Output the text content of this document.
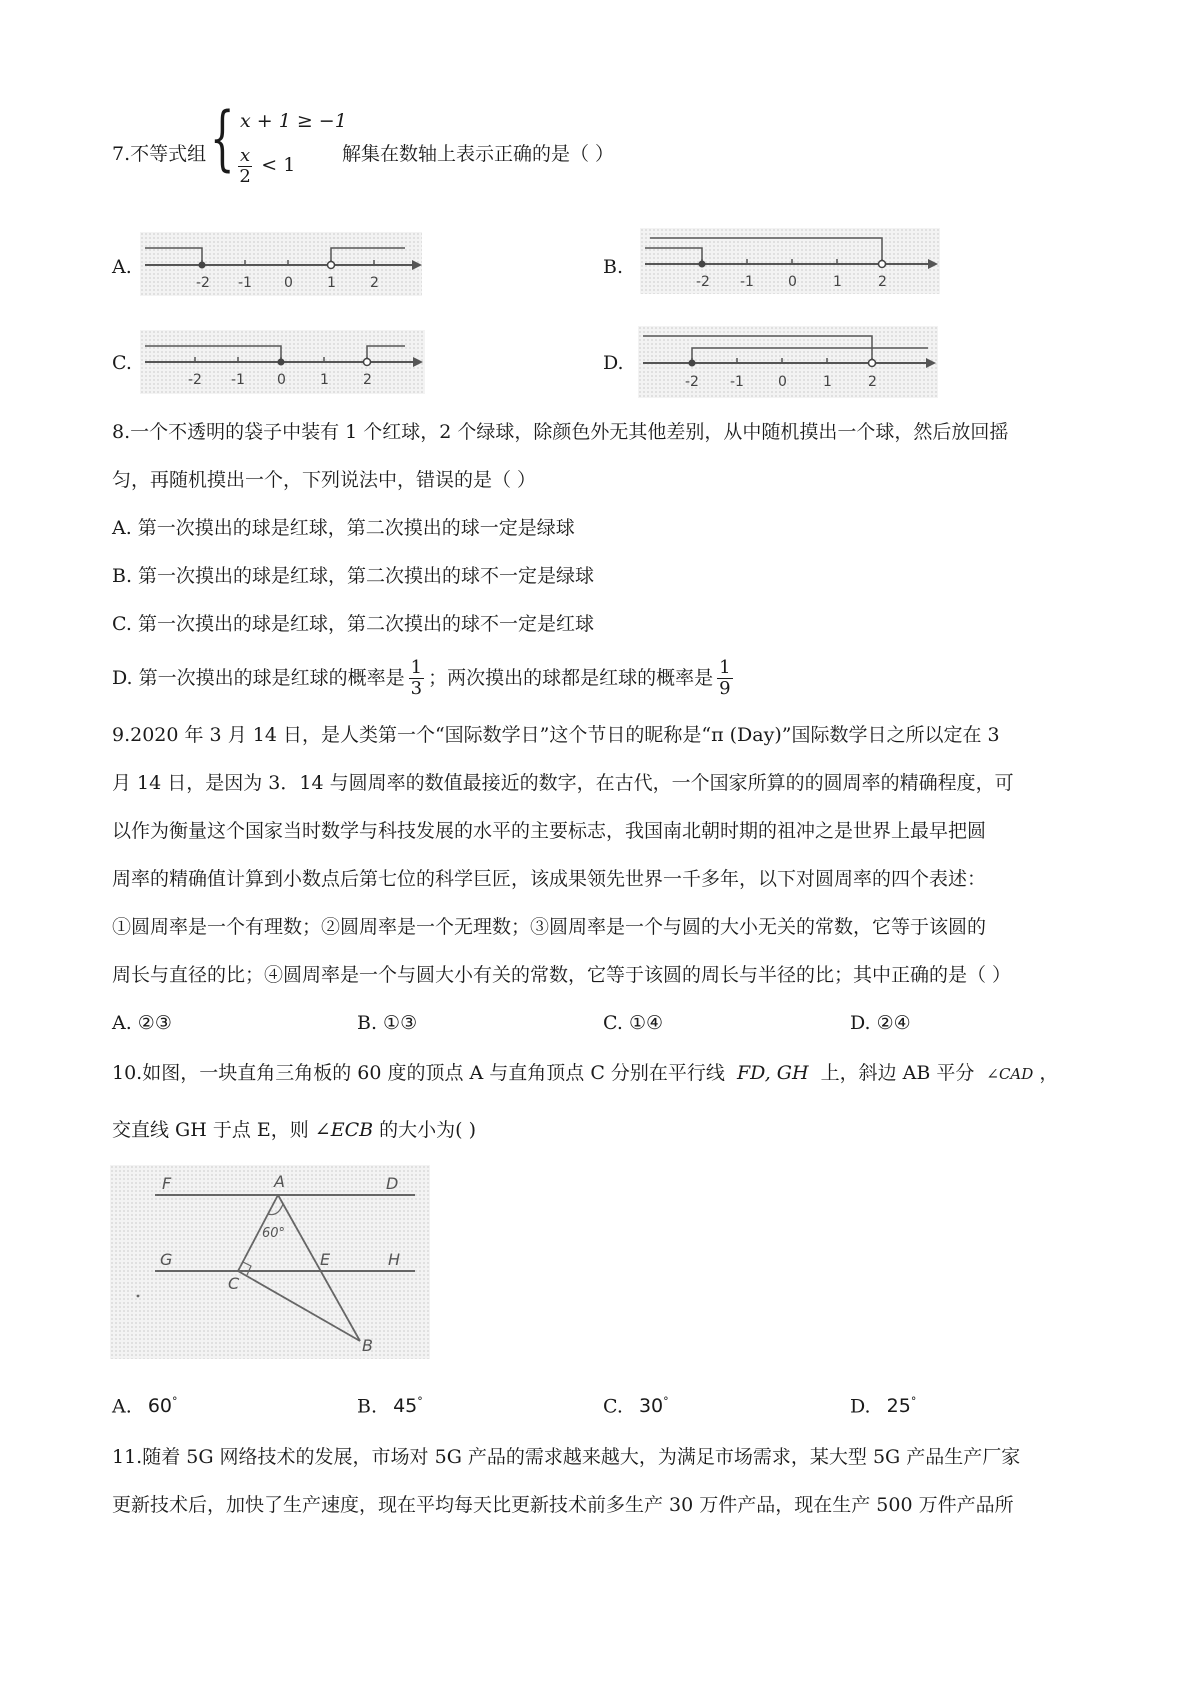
7.不等式组 { x + 1 ≥ −1
$\frac{x}{2} < 1$ 解集在数轴上表示正确的是（ ）
A.
-2 -1 0 1 2
B.
-2 -1 0	1	2
C.
-2 -1 0 1 2
D.
-2 -1 0	1	2
8.一个不透明的袋子中装有 1 个红球，2 个绿球，除颜色外无其他差别，从中随机摸出一个球，然后放回摇
匀，再随机摸出一个，下列说法中，错误的是（ ）
A. 第一次摸出的球是红球，第二次摸出的球一定是绿球
B. 第一次摸出的球是红球，第二次摸出的球不一定是绿球
C. 第一次摸出的球是红球，第二次摸出的球不一定是红球
D. 第一次摸出的球是红球的概率是 $\frac{1}{3}$ ；两次摸出的球都是红球的概率是 $\frac{1}{9}$
9.2020 年 3 月 14 日，是人类第一个“国际数学日”这个节日的昵称是“π (Day)”国际数学日之所以定在 3
月 14 日，是因为 3．14 与圆周率的数值最接近的数字，在古代，一个国家所算的的圆周率的精确程度，可
以作为衡量这个国家当时数学与科技发展的水平的主要标志，我国南北朝时期的祖冲之是世界上最早把圆
周率的精确值计算到小数点后第七位的科学巨匠，该成果领先世界一千多年，以下对圆周率的四个表述：
①圆周率是一个有理数；②圆周率是一个无理数；③圆周率是一个与圆的大小无关的常数，它等于该圆的
周长与直径的比；④圆周率是一个与圆大小有关的常数，它等于该圆的周长与半径的比；其中正确的是（ ）
A. ②③	B. ①③	C. ①④	D. ②④
10.如图，一块直角三角板的 60 度的顶点 A 与直角顶点 C 分别在平行线 FD, GH 上，斜边 AB 平分 ∠CAD ，
交直线 GH 于点 E，则 ∠ECB 的大小为( )
F	A	D
60°
G
C
E	H
B
A. 60°	B. 45°	C. 30°	D. 25°
11.随着 5G 网络技术的发展，市场对 5G 产品的需求越来越大，为满足市场需求，某大型 5G 产品生产厂家
更新技术后，加快了生产速度，现在平均每天比更新技术前多生产 30 万件产品，现在生产 500 万件产品所
